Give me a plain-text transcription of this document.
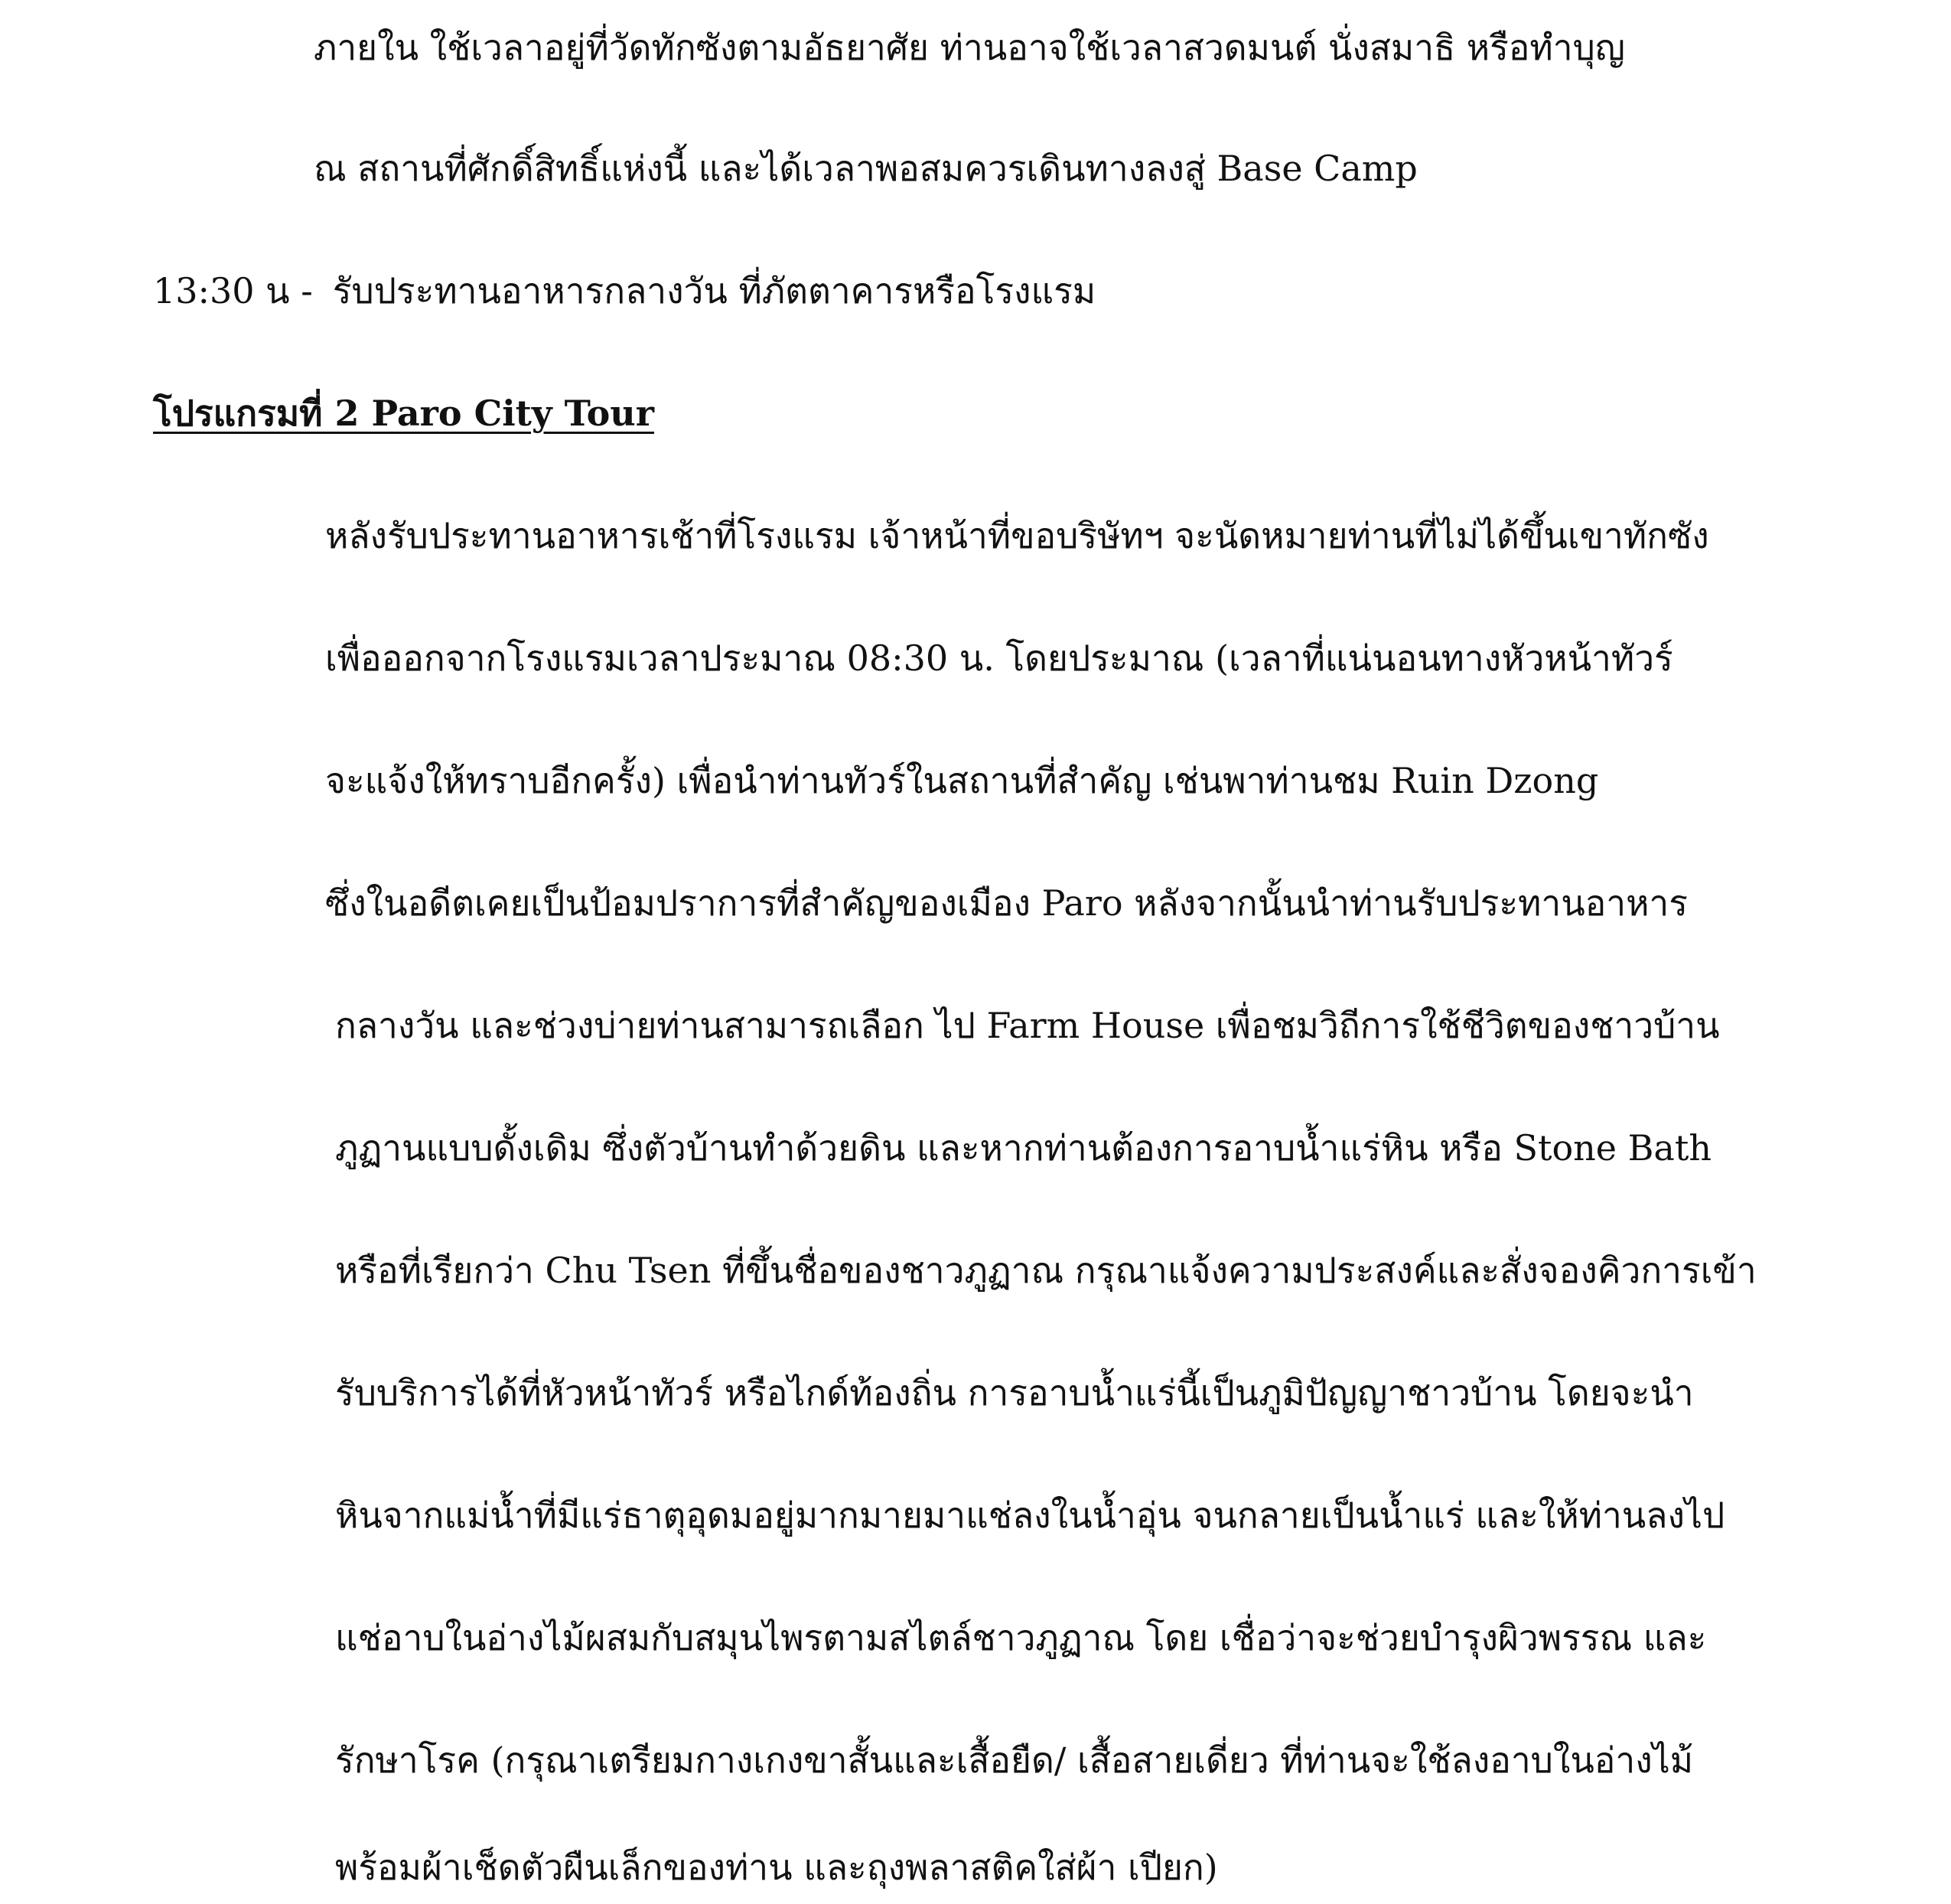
ภายใน ใช้เวลาอยู่ที่วัดทักซังตามอัธยาศัย ท่านอาจใช้เวลาสวดมนต์ นั่งสมาธิ หรือทำบุญ
ณ สถานที่ศักดิ์สิทธิ์แห่งนี้ และได้เวลาพอสมควรเดินทางลงสู่ Base Camp
13:30 น - รับประทานอาหารกลางวัน ที่ภัตตาคารหรือโรงแรม
โปรแกรมที่ 2 Paro City Tour
หลังรับประทานอาหารเช้าที่โรงแรม เจ้าหน้าที่ขอบริษัทฯ จะนัดหมายท่านที่ไม่ได้ขึ้นเขาทักซัง
เพื่อออกจากโรงแรมเวลาประมาณ 08:30 น. โดยประมาณ (เวลาที่แน่นอนทางหัวหน้าทัวร์
จะแจ้งให้ทราบอีกครั้ง) เพื่อนำท่านทัวร์ในสถานที่สำคัญ เช่นพาท่านชม Ruin Dzong
ซึ่งในอดีตเคยเป็นป้อมปราการที่สำคัญของเมือง Paro หลังจากนั้นนำท่านรับประทานอาหาร
กลางวัน และช่วงบ่ายท่านสามารถเลือก ไป Farm House เพื่อชมวิถีการใช้ชีวิตของชาวบ้าน
ภูฏานแบบดั้งเดิม ซึ่งตัวบ้านทำด้วยดิน และหากท่านต้องการอาบน้ำแร่หิน หรือ Stone Bath
หรือที่เรียกว่า Chu Tsen ที่ขึ้นชื่อของชาวภูฏาณ กรุณาแจ้งความประสงค์และสั่งจองคิวการเข้า
รับบริการได้ที่หัวหน้าทัวร์ หรือไกด์ท้องถิ่น การอาบน้ำแร่นี้เป็นภูมิปัญญาชาวบ้าน โดยจะนำ
หินจากแม่น้ำที่มีแร่ธาตุอุดมอยู่มากมายมาแช่ลงในน้ำอุ่น จนกลายเป็นน้ำแร่ และให้ท่านลงไป
แช่อาบในอ่างไม้ผสมกับสมุนไพรตามสไตล์ชาวภูฏาณ โดย เชื่อว่าจะช่วยบำรุงผิวพรรณ และ
รักษาโรค (กรุณาเตรียมกางเกงขาสั้นและเสื้อยืด/ เสื้อสายเดี่ยว ที่ท่านจะใช้ลงอาบในอ่างไม้
พร้อมผ้าเช็ดตัวผืนเล็กของท่าน และถุงพลาสติคใส่ผ้า เปียก)
